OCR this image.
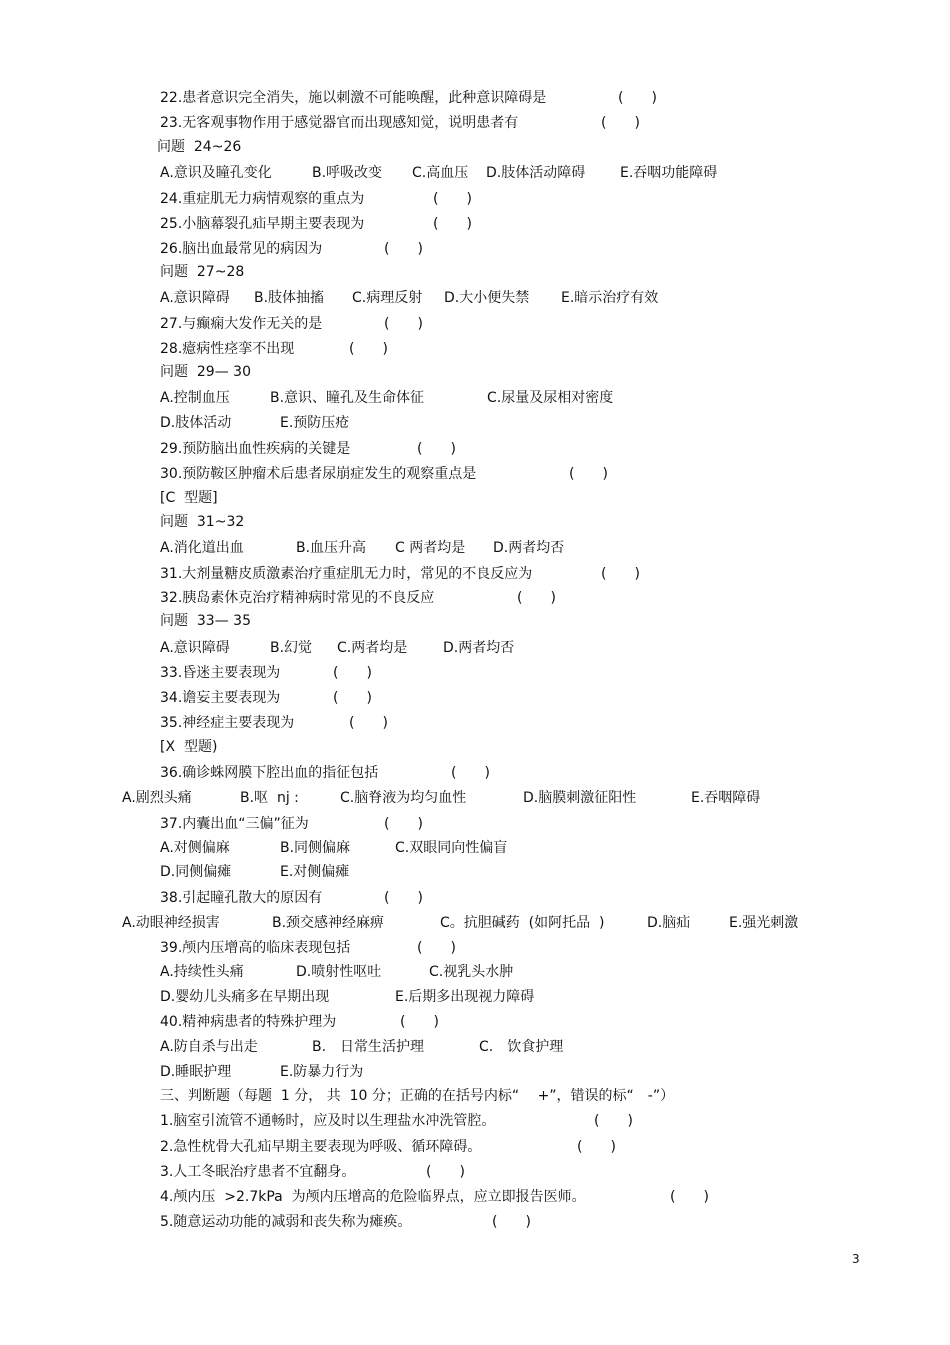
22.患者意识完全消失，施以刺激不可能唤醒，此种意识障碍是	(　　)
23.无客观事物作用于感觉器官而出现感知觉，说明患者有	(　　)
问题  24~26
A.意识及瞳孔变化	B.呼吸改变 C.高血压 D.肢体活动障碍 E.吞咽功能障碍
24.重症肌无力病情观察的重点为	(　　)
25.小脑幕裂孔疝早期主要表现为	(　　)
26.脑出血最常见的病因为	(　　)
问题  27~28
A.意识障碍 B.肢体抽搐 C.病理反射 D.大小便失禁 E.暗示治疗有效
27.与癫痫大发作无关的是	(　　)
28.癔病性痉挛不出现	(　　)
问题  29— 30
A.控制血压	B.意识、瞳孔及生命体征	C.尿量及尿相对密度
D.肢体活动	E.预防压疮
29.预防脑出血性疾病的关键是	(　　)
30.预防鞍区肿瘤术后患者尿崩症发生的观察重点是	(　　)
[C  型题]
问题  31~32
A.消化道出血	B.血压升高 C 两者均是 D.两者均否
31.大剂量糖皮质激素治疗重症肌无力时，常见的不良反应为	(　　)
32.胰岛素休克治疗精神病时常见的不良反应	(　　)
问题  33— 35
A.意识障碍	B.幻觉 C.两者均是	D.两者均否
33.昏迷主要表现为	(　　)
34.谵妄主要表现为	(　　)
35.神经症主要表现为	(　　)
[X  型题)
36.确诊蛛网膜下腔出血的指征包括	(　　)
A.剧烈头痛	B.呕  nj :	C.脑脊液为均匀血性	D.脑膜刺激征阳性	E.吞咽障碍
37.内囊出血“三偏”征为	(　　)
A.对侧偏麻	B.同侧偏麻	C.双眼同向性偏盲
D.同侧偏瘫	E.对侧偏瘫
38.引起瞳孔散大的原因有	(　　)
A.动眼神经损害	B.颈交感神经麻痹	C。抗胆碱药  (如阿托品  )	D.脑疝	E.强光刺激
39.颅内压增高的临床表现包括	(　　)
A.持续性头痛	D.喷射性呕吐	C.视乳头水肿
D.婴幼儿头痛多在早期出现	E.后期多出现视力障碍
40.精神病患者的特殊护理为	(　　)
A.防自杀与出走	B.　日常生活护理	C.　饮食护理
D.睡眠护理	E.防暴力行为
三、判断题（每题  1 分， 共  10 分；正确的在括号内标“　 +”，错误的标“　-”）
1.脑室引流管不通畅时，应及时以生理盐水冲洗管腔。	(　　)
2.急性枕骨大孔疝早期主要表现为呼吸、循环障碍。	(　　)
3.人工冬眠治疗患者不宜翻身。	(　　)
4.颅内压  >2.7kPa  为颅内压增高的危险临界点，应立即报告医师。	(　　)
5.随意运动功能的减弱和丧失称为瘫痪。	(　　)
3
